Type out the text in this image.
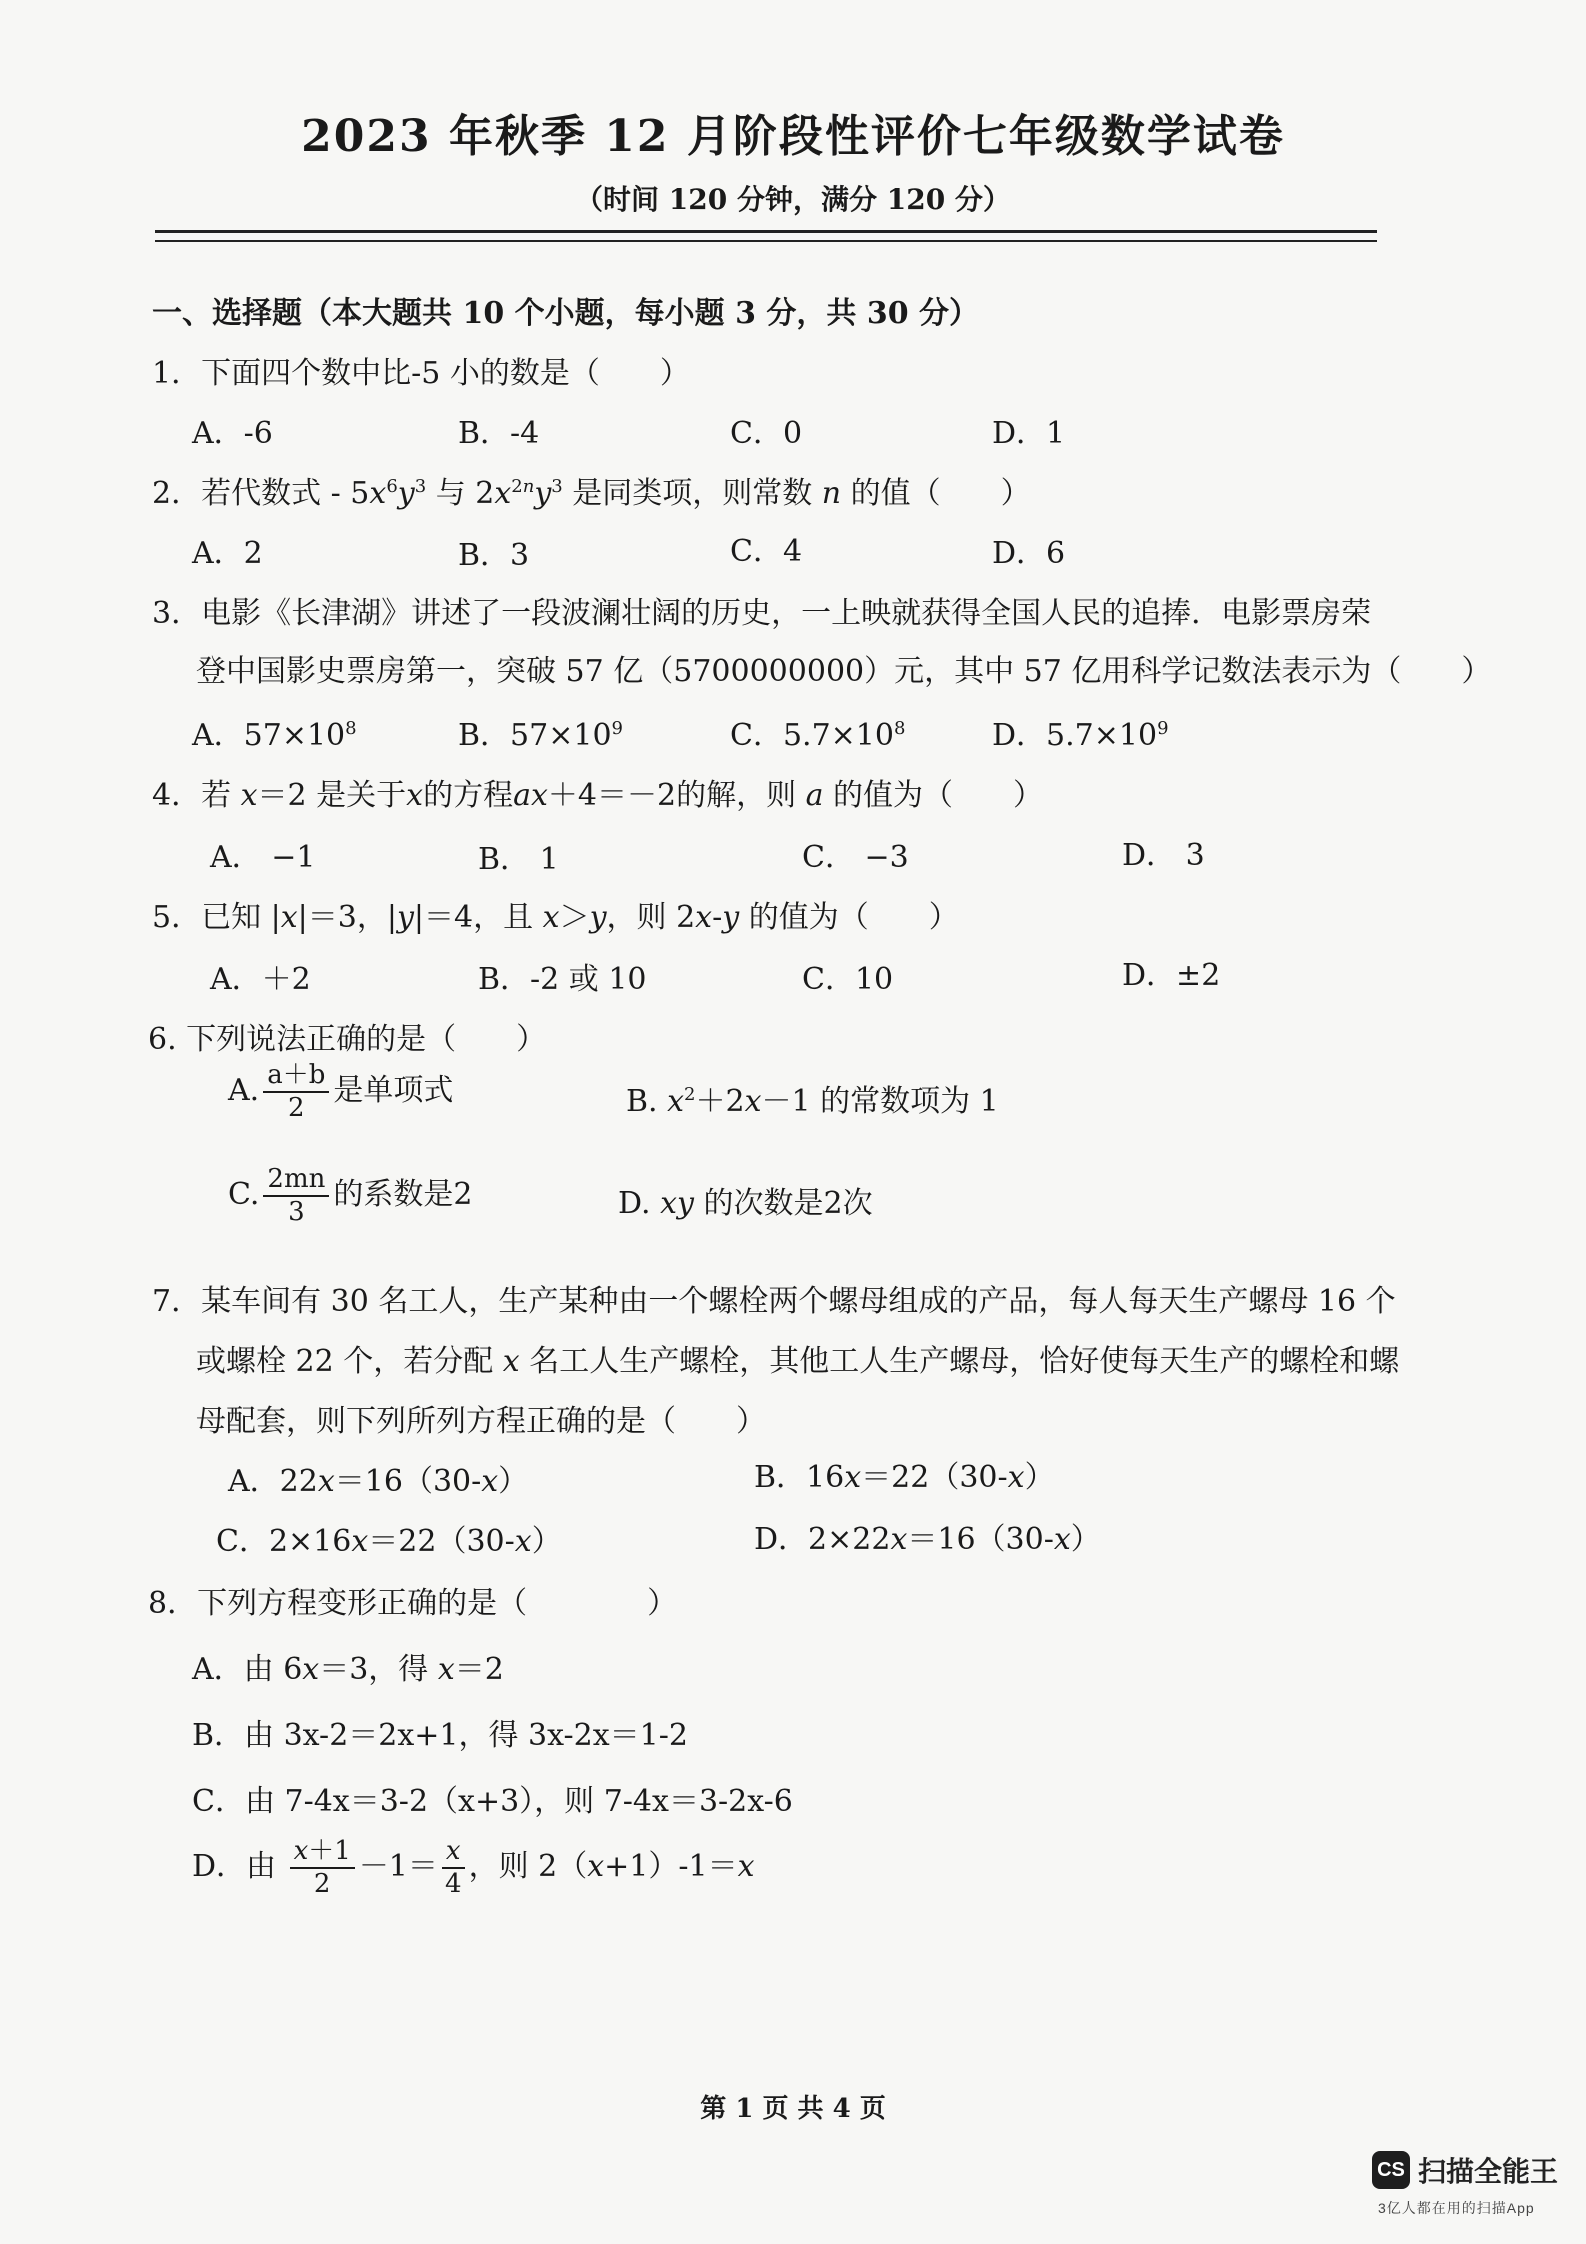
2023 年秋季 12 月阶段性评价七年级数学试卷
（时间 120 分钟，满分 120 分）
一、选择题（本大题共 10 个小题，每小题 3 分，共 30 分）
1．下面四个数中比-5 小的数是（　　）
A．-6	B．-4	C．0	D．1
2．若代数式 - $5x^6y^3$ 与 $2x^{2n}y^3$ 是同类项，则常数 n 的值（　　）
A．2	B．3	C．4	D．6
3．电影《长津湖》讲述了一段波澜壮阔的历史，一上映就获得全国人民的追捧．电影票房荣
登中国影史票房第一，突破 57 亿（5700000000）元，其中 57 亿用科学记数法表示为（　　）
A．$57\times 10^8$	B．$57\times 10^9$	C．$5.7\times 10^8$	D．$5.7\times 10^9$
4．若 x＝2 是关于x的方程ax＋4＝－2的解，则 a 的值为（　　）
A． −1	B． 1	C． −3	D． 3
5．已知 |x|＝3，|y|＝4，且 x＞y，则 2x-y 的值为（　　）
A．＋2	B．-2 或 10	C．10	D．±2
6. 下列说法正确的是（　　）
A. $\frac{a+b}{2}$ 是单项式	B. $x^2+2x-1$ 的常数项为 1
C. $\frac{2mn}{3}$ 的系数是2	D. xy 的次数是2次
7．某车间有 30 名工人，生产某种由一个螺栓两个螺母组成的产品，每人每天生产螺母 16 个
或螺栓 22 个，若分配 x 名工人生产螺栓，其他工人生产螺母，恰好使每天生产的螺栓和螺
母配套，则下列所列方程正确的是（　　）
A．22x＝16（30-x）	B．16x＝22（30-x）
C．2×16x＝22（30-x）	D．2×22x＝16（30-x）
8．下列方程变形正确的是（　　　　）
A．由 6x＝3，得 x＝2
B．由 3x-2＝2x+1，得 3x-2x＝1-2
C．由 7-4x＝3-2（x+3），则 7-4x＝3-2x-6
D．由 $\frac{x+1}{2} -1= \frac{x}{4}$ ，则 2（x+1）-1＝x
第 1 页 共 4 页
CS 扫描全能王
3亿人都在用的扫描App
